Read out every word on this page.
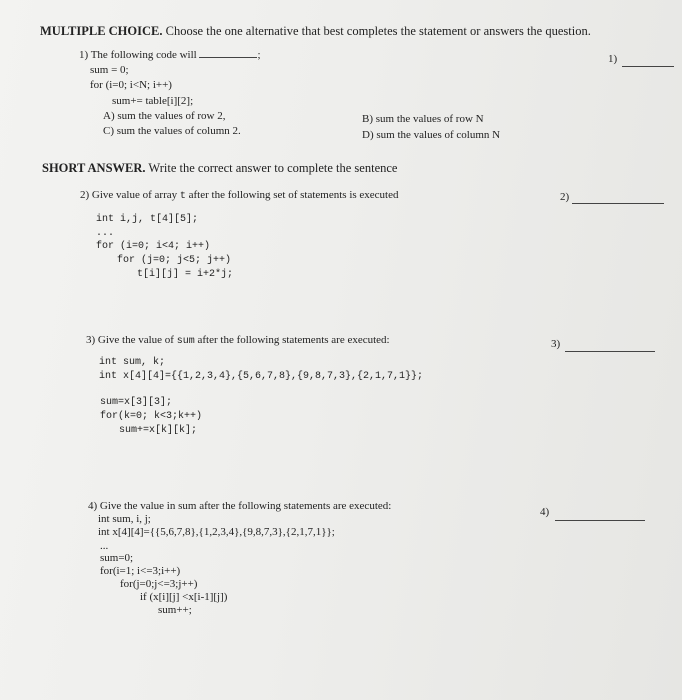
MULTIPLE CHOICE. Choose the one alternative that best completes the statement or answers the question.
1) The following code will	;	1)
sum = 0;
for (i=0; i<N; i++)
sum+= table[i][2];
A) sum the values of row 2,
C) sum the values of column 2.
B) sum the values of row N
D) sum the values of column N
SHORT ANSWER. Write the correct answer to complete the sentence
2) Give value of array t after the following set of statements is executed	2)
int i,j, t[4][5];
...
for (i=0; i<4; i++)
for (j=0; j<5; j++)
t[i][j] = i+2*j;
3) Give the value of sum after the following statements are executed:	3)
int sum, k;
int x[4][4]={{1,2,3,4},{5,6,7,8},{9,8,7,3},{2,1,7,1}};
sum=x[3][3];
for(k=0; k<3;k++)
sum+=x[k][k];
4) Give the value in sum after the following statements are executed:	4)
int sum, i, j;
int x[4][4]={{5,6,7,8},{1,2,3,4},{9,8,7,3},{2,1,7,1}};
...
sum=0;
for(i=1; i<=3;i++)
for(j=0;j<=3;j++)
if (x[i][j] <x[i-1][j])
sum++;
